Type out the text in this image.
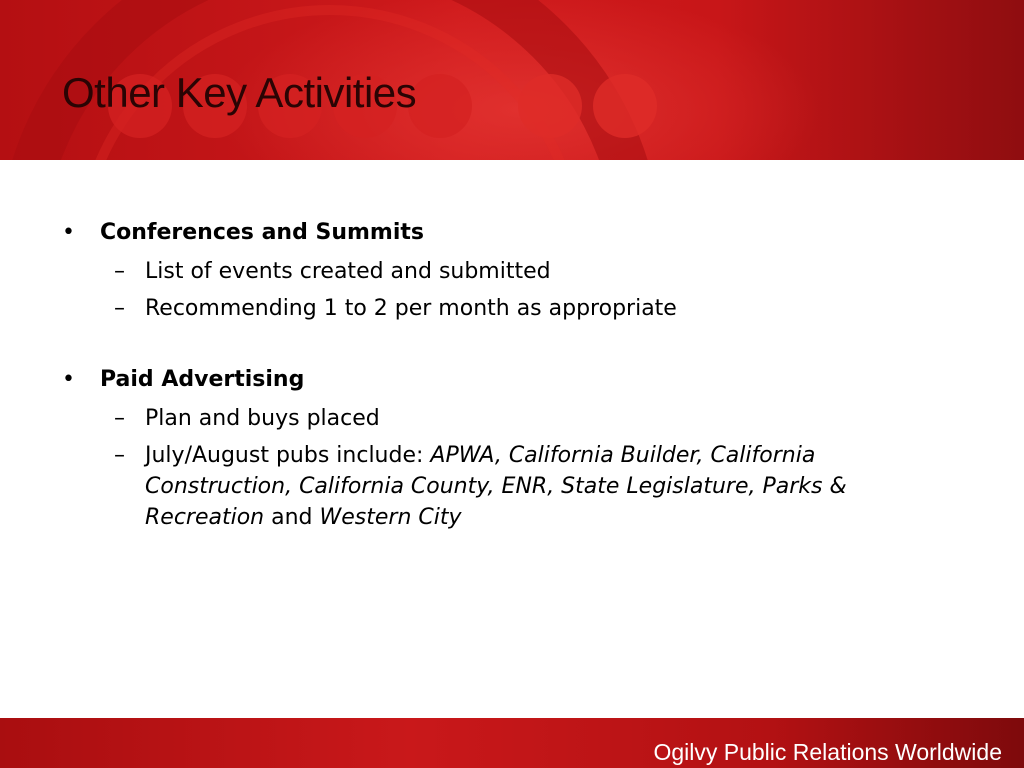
Other Key Activities
•	Conferences and Summits
– List of events created and submitted
– Recommending 1 to 2 per month as appropriate
•	Paid Advertising
– Plan and buys placed
– July/August pubs include: APWA, California Builder, California Construction, California County, ENR, State Legislature, Parks & Recreation and Western City
Ogilvy Public Relations Worldwide
